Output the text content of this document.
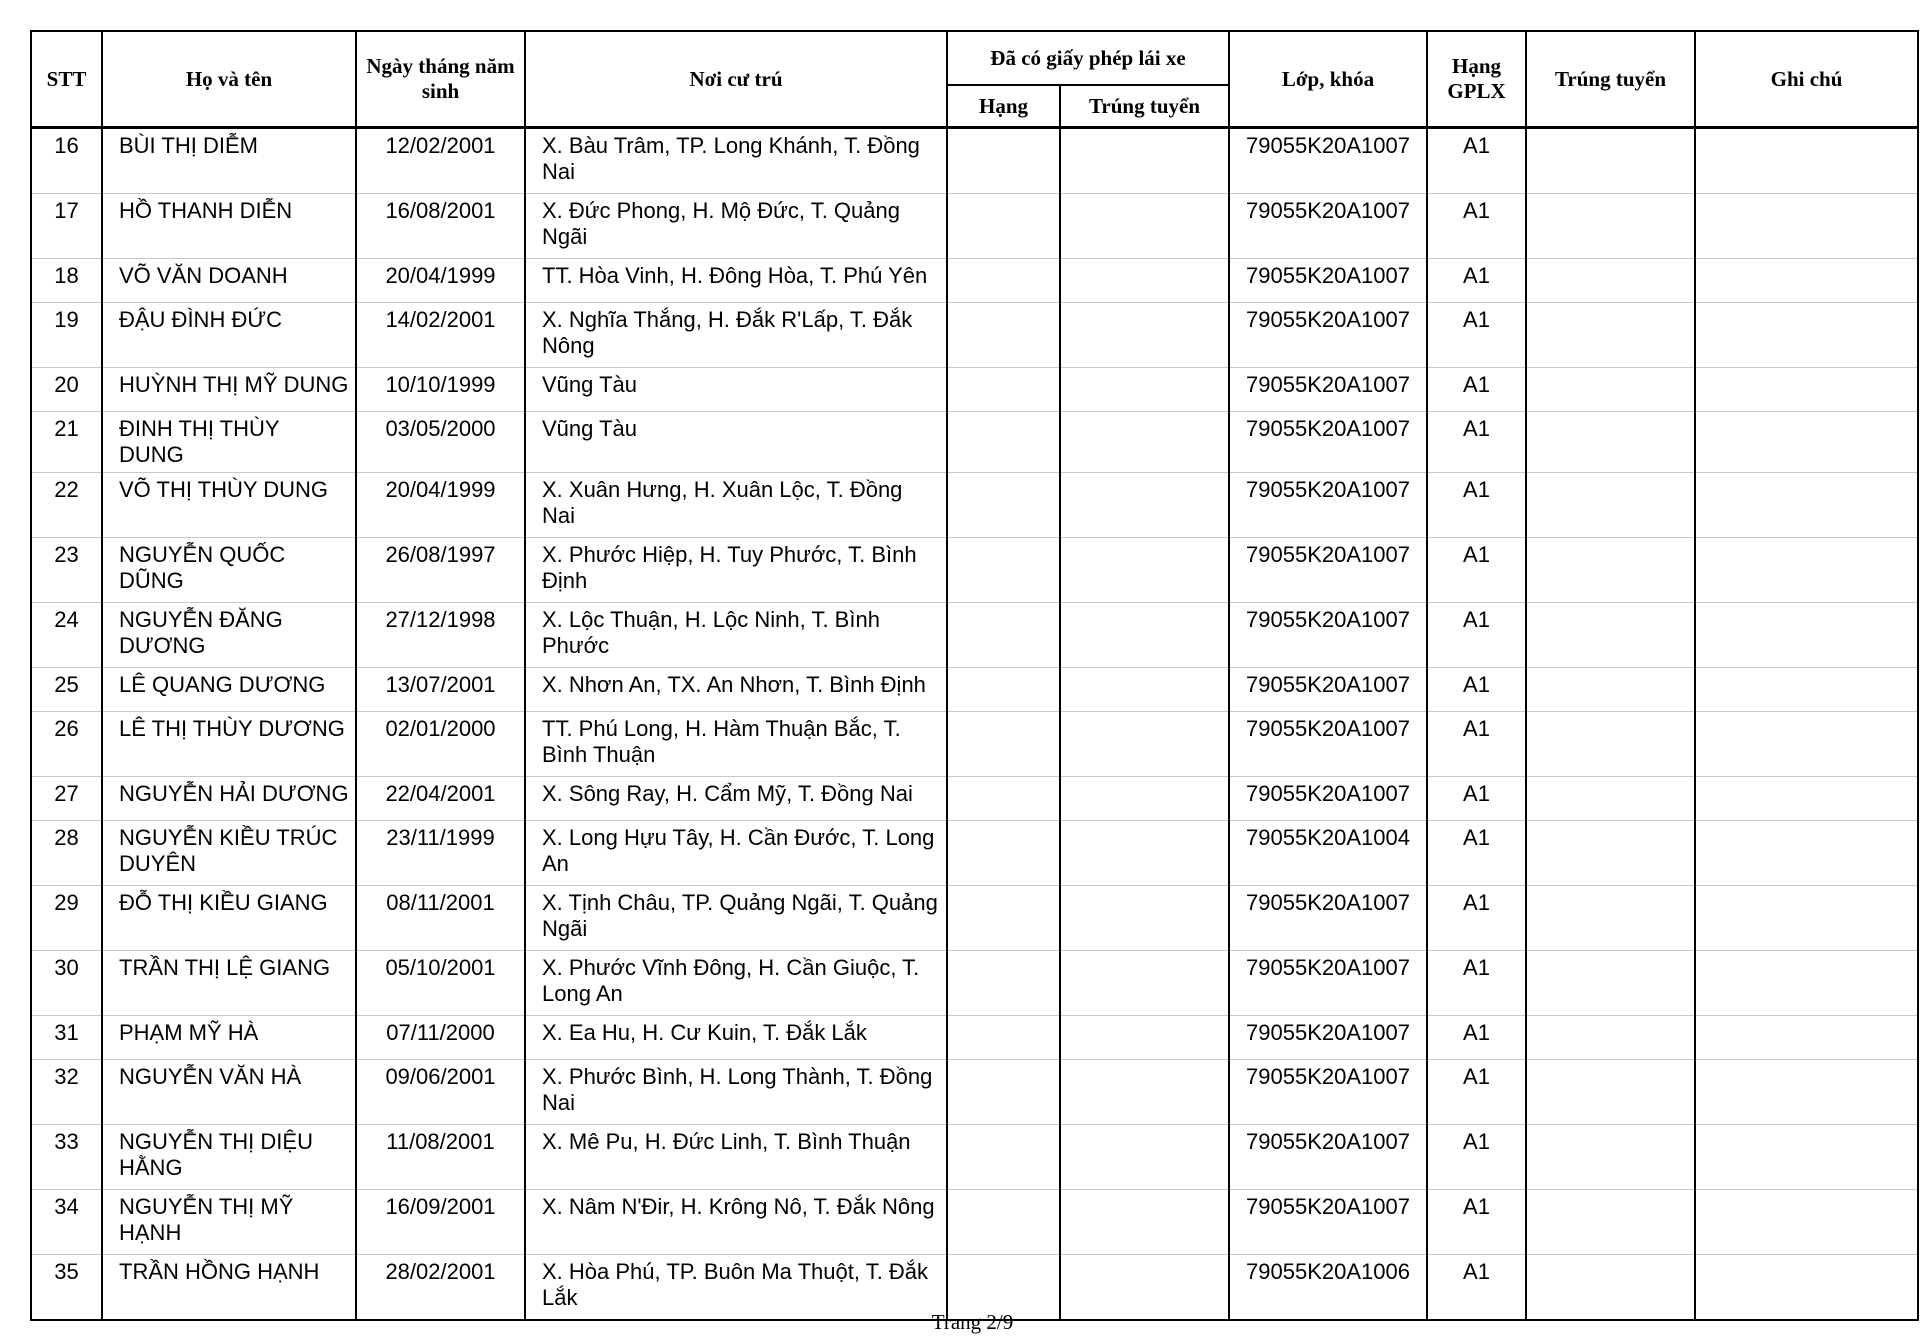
STT	Họ và tên	Ngày tháng năm sinh	Nơi cư trú	Đã có giấy phép lái xe		Lớp, khóa	Hạng GPLX	Trúng tuyển	Ghi chú
				Hạng	Trúng tuyển				
16	BÙI THỊ DIỄM	12/02/2001	X. Bàu Trâm, TP. Long Khánh, T. Đồng Nai			79055K20A1007	A1		
17	HỒ THANH DIỄN	16/08/2001	X. Đức Phong, H. Mộ Đức, T. Quảng Ngãi			79055K20A1007	A1		
18	VÕ VĂN DOANH	20/04/1999	TT. Hòa Vinh, H. Đông Hòa, T. Phú Yên			79055K20A1007	A1		
19	ĐẬU ĐÌNH ĐỨC	14/02/2001	X. Nghĩa Thắng, H. Đắk R'Lấp, T. Đắk Nông			79055K20A1007	A1		
20	HUỲNH THỊ MỸ DUNG	10/10/1999	Vũng Tàu			79055K20A1007	A1		
21	ĐINH THỊ THÙY DUNG	03/05/2000	Vũng Tàu			79055K20A1007	A1		
22	VÕ THỊ THÙY DUNG	20/04/1999	X. Xuân Hưng, H. Xuân Lộc, T. Đồng Nai			79055K20A1007	A1		
23	NGUYỄN QUỐC DŨNG	26/08/1997	X. Phước Hiệp, H. Tuy Phước, T. Bình Định			79055K20A1007	A1		
24	NGUYỄN ĐĂNG DƯƠNG	27/12/1998	X. Lộc Thuận, H. Lộc Ninh, T. Bình Phước			79055K20A1007	A1		
25	LÊ QUANG DƯƠNG	13/07/2001	X. Nhơn An, TX. An Nhơn, T. Bình Định			79055K20A1007	A1		
26	LÊ THỊ THÙY DƯƠNG	02/01/2000	TT. Phú Long, H. Hàm Thuận Bắc, T. Bình Thuận			79055K20A1007	A1		
27	NGUYỄN HẢI DƯƠNG	22/04/2001	X. Sông Ray, H. Cẩm Mỹ, T. Đồng Nai			79055K20A1007	A1		
28	NGUYỄN KIỀU TRÚC DUYÊN	23/11/1999	X. Long Hựu Tây, H. Cần Đước, T. Long An			79055K20A1004	A1		
29	ĐỖ THỊ KIỀU GIANG	08/11/2001	X. Tịnh Châu, TP. Quảng Ngãi, T. Quảng Ngãi			79055K20A1007	A1		
30	TRẦN THỊ LỆ GIANG	05/10/2001	X. Phước Vĩnh Đông, H. Cần Giuộc, T. Long An			79055K20A1007	A1		
31	PHẠM MỸ HÀ	07/11/2000	X. Ea Hu, H. Cư Kuin, T. Đắk Lắk			79055K20A1007	A1		
32	NGUYỄN VĂN HÀ	09/06/2001	X. Phước Bình, H. Long Thành, T. Đồng Nai			79055K20A1007	A1		
33	NGUYỄN THỊ DIỆU HẰNG	11/08/2001	X. Mê Pu, H. Đức Linh, T. Bình Thuận			79055K20A1007	A1		
34	NGUYỄN THỊ MỸ HẠNH	16/09/2001	X. Nâm N'Đir, H. Krông Nô, T. Đắk Nông			79055K20A1007	A1		
35	TRẦN HỒNG HẠNH	28/02/2001	X. Hòa Phú, TP. Buôn Ma Thuột, T. Đắk Lắk			79055K20A1006	A1		
Trang 2/9
